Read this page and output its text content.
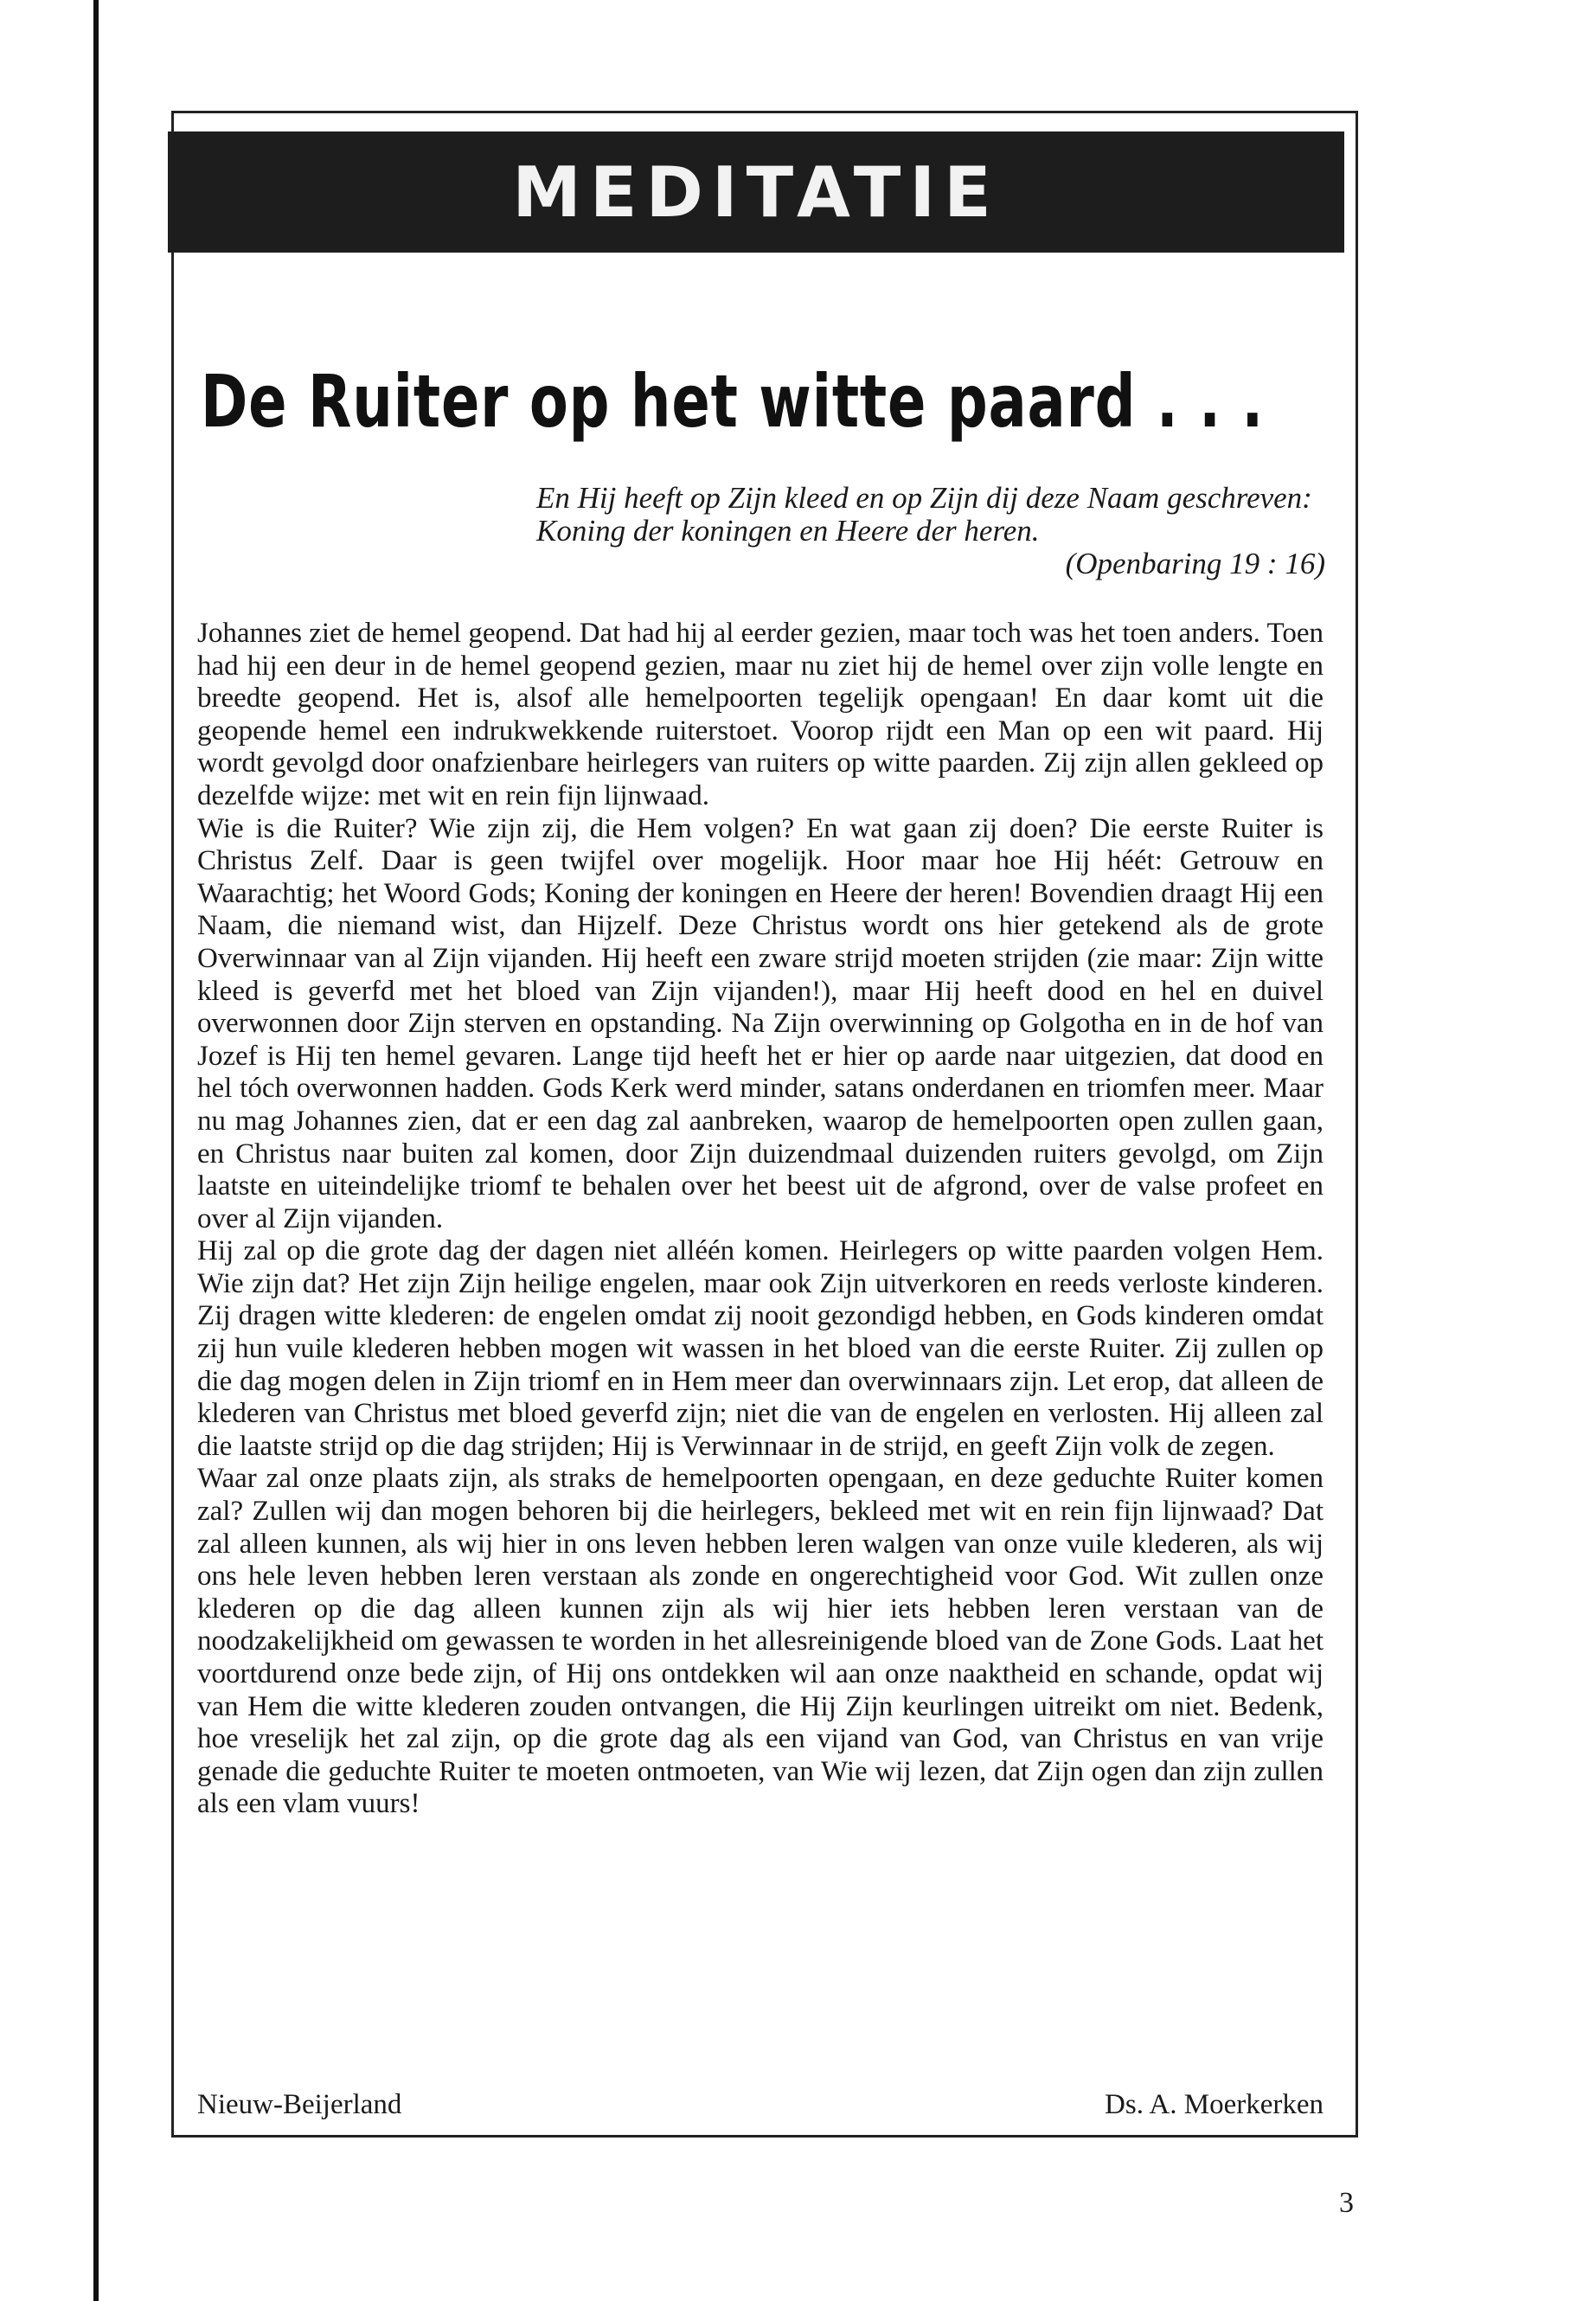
MEDITATIE
De Ruiter op het witte paard . . .
En Hij heeft op Zijn kleed en op Zijn dij deze Naam geschreven: Koning der koningen en Heere der heren.
(Openbaring 19 : 16)

Johannes ziet de hemel geopend. Dat had hij al eerder gezien, maar toch was het toen anders. Toen had hij een deur in de hemel geopend gezien, maar nu ziet hij de hemel over zijn volle lengte en breedte geopend. Het is, alsof alle hemelpoorten tegelijk opengaan! En daar komt uit die geopende hemel een indrukwekkende ruiterstoet. Voorop rijdt een Man op een wit paard. Hij wordt gevolgd door onafzienbare heirlegers van ruiters op witte paarden. Zij zijn allen gekleed op dezelfde wijze: met wit en rein fijn lijnwaad.

Wie is die Ruiter? Wie zijn zij, die Hem volgen? En wat gaan zij doen? Die eerste Ruiter is Christus Zelf. Daar is geen twijfel over mogelijk. Hoor maar hoe Hij héét: Getrouw en Waarachtig; het Woord Gods; Koning der koningen en Heere der heren! Bovendien draagt Hij een Naam, die niemand wist, dan Hijzelf. Deze Christus wordt ons hier getekend als de grote Overwinnaar van al Zijn vijanden. Hij heeft een zware strijd moeten strijden (zie maar: Zijn witte kleed is geverfd met het bloed van Zijn vijanden!), maar Hij heeft dood en hel en duivel overwonnen door Zijn sterven en opstanding. Na Zijn overwinning op Golgotha en in de hof van Jozef is Hij ten hemel gevaren. Lange tijd heeft het er hier op aarde naar uitgezien, dat dood en hel tóch overwonnen hadden. Gods Kerk werd minder, satans onderdanen en triomfen meer. Maar nu mag Johannes zien, dat er een dag zal aanbreken, waarop de hemelpoorten open zullen gaan, en Christus naar buiten zal komen, door Zijn duizendmaal duizenden ruiters gevolgd, om Zijn laatste en uiteindelijke triomf te behalen over het beest uit de afgrond, over de valse profeet en over al Zijn vijanden.

Hij zal op die grote dag der dagen niet alléén komen. Heirlegers op witte paarden volgen Hem. Wie zijn dat? Het zijn Zijn heilige engelen, maar ook Zijn uitverkoren en reeds verloste kinderen. Zij dragen witte klederen: de engelen omdat zij nooit gezondigd hebben, en Gods kinderen omdat zij hun vuile klederen hebben mogen wit wassen in het bloed van die eerste Ruiter. Zij zullen op die dag mogen delen in Zijn triomf en in Hem meer dan overwinnaars zijn. Let erop, dat alleen de klederen van Christus met bloed geverfd zijn; niet die van de engelen en verlosten. Hij alleen zal die laatste strijd op die dag strijden; Hij is Verwinnaar in de strijd, en geeft Zijn volk de zegen.

Waar zal onze plaats zijn, als straks de hemelpoorten opengaan, en deze geduchte Ruiter komen zal? Zullen wij dan mogen behoren bij die heirlegers, bekleed met wit en rein fijn lijnwaad? Dat zal alleen kunnen, als wij hier in ons leven hebben leren walgen van onze vuile klederen, als wij ons hele leven hebben leren verstaan als zonde en ongerechtigheid voor God. Wit zullen onze klederen op die dag alleen kunnen zijn als wij hier iets hebben leren verstaan van de noodzakelijkheid om gewassen te worden in het allesreinigende bloed van de Zone Gods. Laat het voortdurend onze bede zijn, of Hij ons ontdekken wil aan onze naaktheid en schande, opdat wij van Hem die witte klederen zouden ontvangen, die Hij Zijn keurlingen uitreikt om niet. Bedenk, hoe vreselijk het zal zijn, op die grote dag als een vijand van God, van Christus en van vrije genade die geduchte Ruiter te moeten ontmoeten, van Wie wij lezen, dat Zijn ogen dan zijn zullen als een vlam vuurs!

Nieuw-Beijerland	Ds. A. Moerkerken
3
